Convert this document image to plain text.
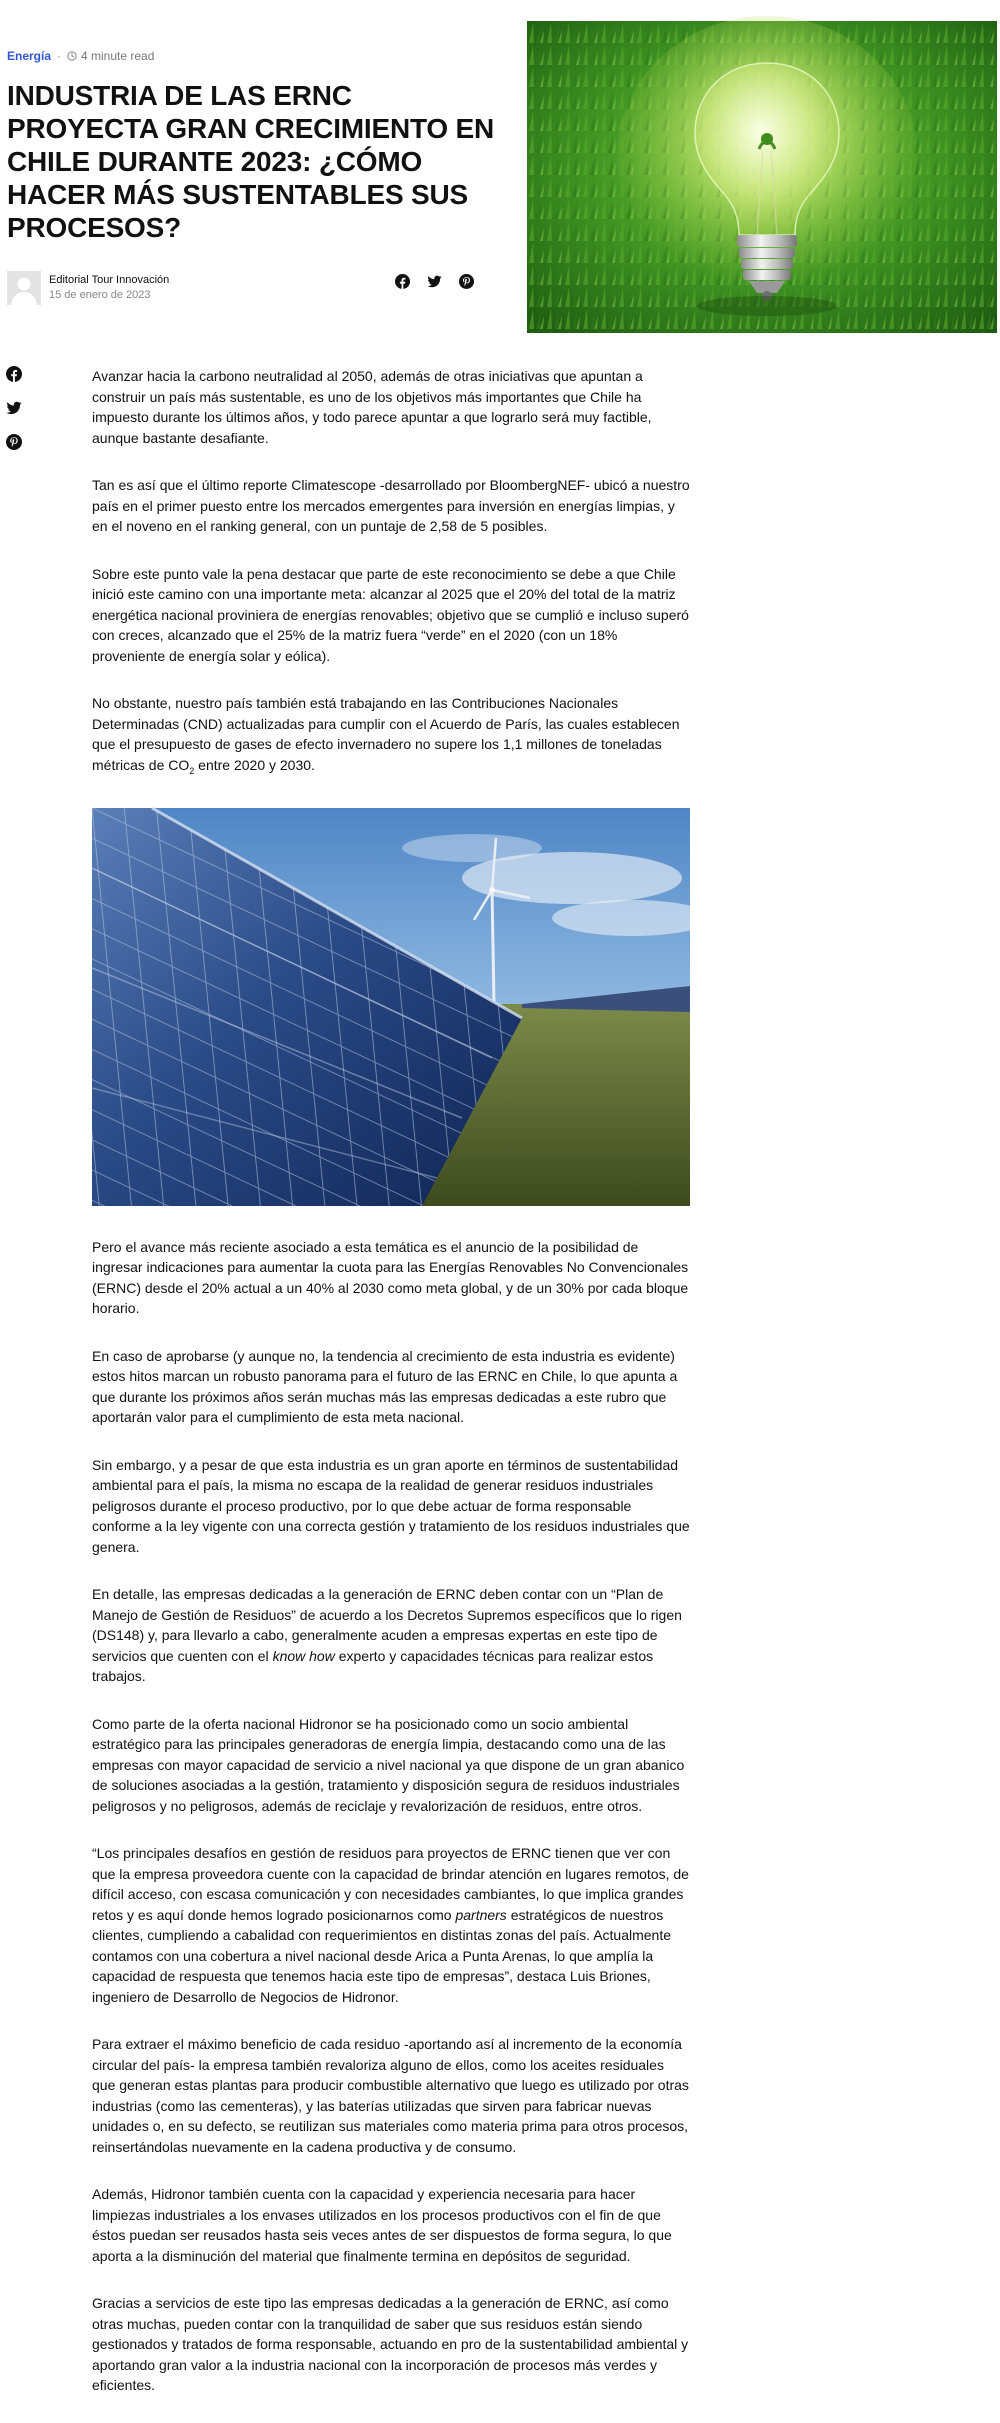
Energía · 4 minute read
INDUSTRIA DE LAS ERNC PROYECTA GRAN CRECIMIENTO EN CHILE DURANTE 2023: ¿CÓMO HACER MÁS SUSTENTABLES SUS PROCESOS?
Editorial Tour Innovación
15 de enero de 2023

Avanzar hacia la carbono neutralidad al 2050, además de otras iniciativas que apuntan a construir un país más sustentable, es uno de los objetivos más importantes que Chile ha impuesto durante los últimos años, y todo parece apuntar a que lograrlo será muy factible, aunque bastante desafiante.

Tan es así que el último reporte Climatescope -desarrollado por BloombergNEF- ubicó a nuestro país en el primer puesto entre los mercados emergentes para inversión en energías limpias, y en el noveno en el ranking general, con un puntaje de 2,58 de 5 posibles.

Sobre este punto vale la pena destacar que parte de este reconocimiento se debe a que Chile inició este camino con una importante meta: alcanzar al 2025 que el 20% del total de la matriz energética nacional proviniera de energías renovables; objetivo que se cumplió e incluso superó con creces, alcanzado que el 25% de la matriz fuera “verde” en el 2020 (con un 18% proveniente de energía solar y eólica).

No obstante, nuestro país también está trabajando en las Contribuciones Nacionales Determinadas (CND) actualizadas para cumplir con el Acuerdo de París, las cuales establecen que el presupuesto de gases de efecto invernadero no supere los 1,1 millones de toneladas métricas de $CO_2$ entre 2020 y 2030.

Pero el avance más reciente asociado a esta temática es el anuncio de la posibilidad de ingresar indicaciones para aumentar la cuota para las Energías Renovables No Convencionales (ERNC) desde el 20% actual a un 40% al 2030 como meta global, y de un 30% por cada bloque horario.

En caso de aprobarse (y aunque no, la tendencia al crecimiento de esta industria es evidente) estos hitos marcan un robusto panorama para el futuro de las ERNC en Chile, lo que apunta a que durante los próximos años serán muchas más las empresas dedicadas a este rubro que aportarán valor para el cumplimiento de esta meta nacional.

Sin embargo, y a pesar de que esta industria es un gran aporte en términos de sustentabilidad ambiental para el país, la misma no escapa de la realidad de generar residuos industriales peligrosos durante el proceso productivo, por lo que debe actuar de forma responsable conforme a la ley vigente con una correcta gestión y tratamiento de los residuos industriales que genera.

En detalle, las empresas dedicadas a la generación de ERNC deben contar con un “Plan de Manejo de Gestión de Residuos” de acuerdo a los Decretos Supremos específicos que lo rigen (DS148) y, para llevarlo a cabo, generalmente acuden a empresas expertas en este tipo de servicios que cuenten con el know how experto y capacidades técnicas para realizar estos trabajos.

Como parte de la oferta nacional Hidronor se ha posicionado como un socio ambiental estratégico para las principales generadoras de energía limpia, destacando como una de las empresas con mayor capacidad de servicio a nivel nacional ya que dispone de un gran abanico de soluciones asociadas a la gestión, tratamiento y disposición segura de residuos industriales peligrosos y no peligrosos, además de reciclaje y revalorización de residuos, entre otros.

“Los principales desafíos en gestión de residuos para proyectos de ERNC tienen que ver con que la empresa proveedora cuente con la capacidad de brindar atención en lugares remotos, de difícil acceso, con escasa comunicación y con necesidades cambiantes, lo que implica grandes retos y es aquí donde hemos logrado posicionarnos como partners estratégicos de nuestros clientes, cumpliendo a cabalidad con requerimientos en distintas zonas del país. Actualmente contamos con una cobertura a nivel nacional desde Arica a Punta Arenas, lo que amplía la capacidad de respuesta que tenemos hacia este tipo de empresas”, destaca Luis Briones, ingeniero de Desarrollo de Negocios de Hidronor.

Para extraer el máximo beneficio de cada residuo -aportando así al incremento de la economía circular del país- la empresa también revaloriza alguno de ellos, como los aceites residuales que generan estas plantas para producir combustible alternativo que luego es utilizado por otras industrias (como las cementeras), y las baterías utilizadas que sirven para fabricar nuevas unidades o, en su defecto, se reutilizan sus materiales como materia prima para otros procesos, reinsertándolas nuevamente en la cadena productiva y de consumo.

Además, Hidronor también cuenta con la capacidad y experiencia necesaria para hacer limpiezas industriales a los envases utilizados en los procesos productivos con el fin de que éstos puedan ser reusados hasta seis veces antes de ser dispuestos de forma segura, lo que aporta a la disminución del material que finalmente termina en depósitos de seguridad.

Gracias a servicios de este tipo las empresas dedicadas a la generación de ERNC, así como otras muchas, pueden contar con la tranquilidad de saber que sus residuos están siendo gestionados y tratados de forma responsable, actuando en pro de la sustentabilidad ambiental y aportando gran valor a la industria nacional con la incorporación de procesos más verdes y eficientes.
